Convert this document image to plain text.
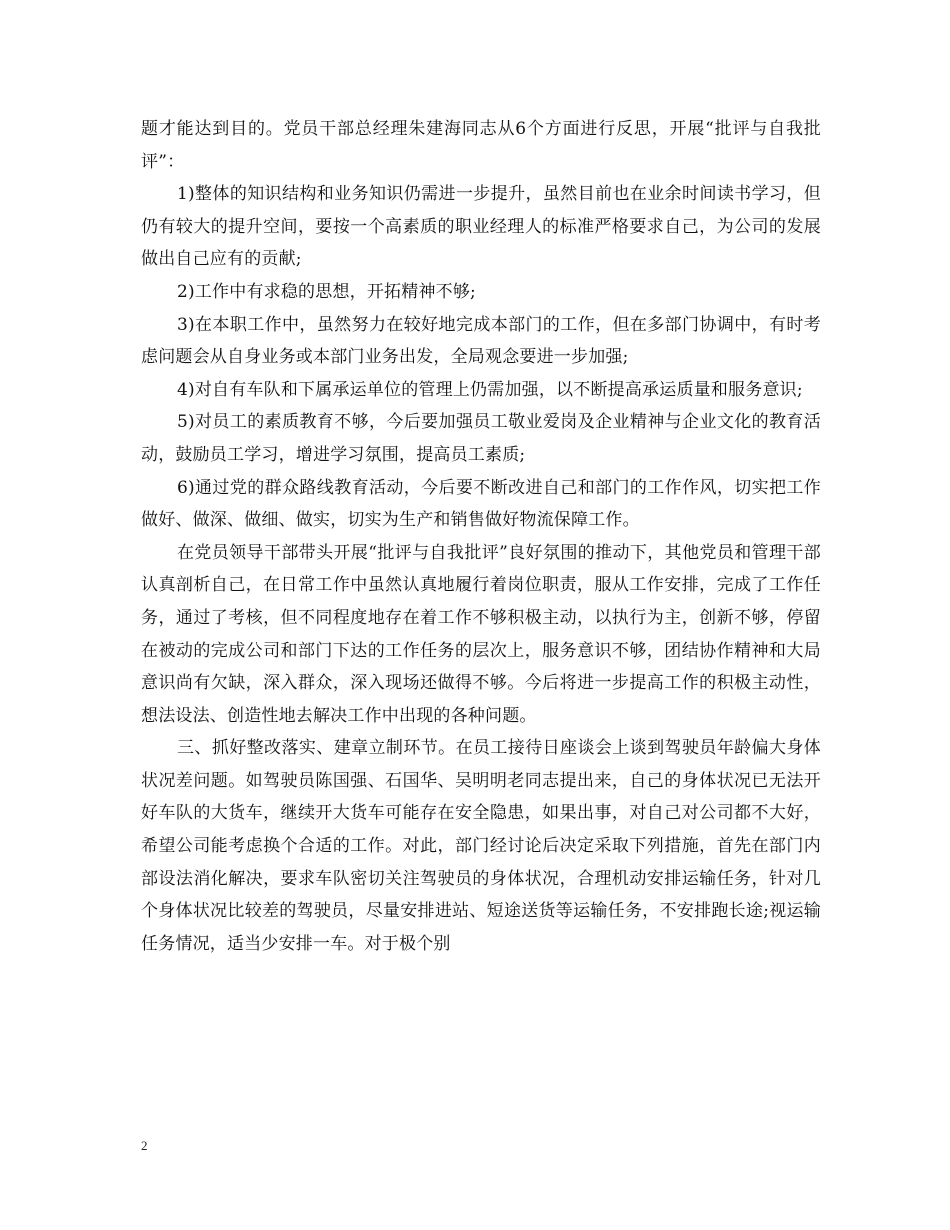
题才能达到目的。党员干部总经理朱建海同志从6个方面进行反思，开展“批评与自我批评”：

1)整体的知识结构和业务知识仍需进一步提升，虽然目前也在业余时间读书学习，但仍有较大的提升空间，要按一个高素质的职业经理人的标准严格要求自己，为公司的发展做出自己应有的贡献;

2)工作中有求稳的思想，开拓精神不够;

3)在本职工作中，虽然努力在较好地完成本部门的工作，但在多部门协调中，有时考虑问题会从自身业务或本部门业务出发，全局观念要进一步加强;

4)对自有车队和下属承运单位的管理上仍需加强，以不断提高承运质量和服务意识;

5)对员工的素质教育不够，今后要加强员工敬业爱岗及企业精神与企业文化的教育活动，鼓励员工学习，增进学习氛围，提高员工素质;

6)通过党的群众路线教育活动，今后要不断改进自己和部门的工作作风，切实把工作做好、做深、做细、做实，切实为生产和销售做好物流保障工作。

在党员领导干部带头开展“批评与自我批评”良好氛围的推动下，其他党员和管理干部认真剖析自己，在日常工作中虽然认真地履行着岗位职责，服从工作安排，完成了工作任务，通过了考核，但不同程度地存在着工作不够积极主动，以执行为主，创新不够，停留在被动的完成公司和部门下达的工作任务的层次上，服务意识不够，团结协作精神和大局意识尚有欠缺，深入群众，深入现场还做得不够。今后将进一步提高工作的积极主动性，想法设法、创造性地去解决工作中出现的各种问题。

三、抓好整改落实、建章立制环节。在员工接待日座谈会上谈到驾驶员年龄偏大身体状况差问题。如驾驶员陈国强、石国华、吴明明老同志提出来，自己的身体状况已无法开好车队的大货车，继续开大货车可能存在安全隐患，如果出事，对自己对公司都不大好，希望公司能考虑换个合适的工作。对此，部门经讨论后决定采取下列措施，首先在部门内部设法消化解决，要求车队密切关注驾驶员的身体状况，合理机动安排运输任务，针对几个身体状况比较差的驾驶员，尽量安排进站、短途送货等运输任务，不安排跑长途;视运输任务情况，适当少安排一车。对于极个别

2
